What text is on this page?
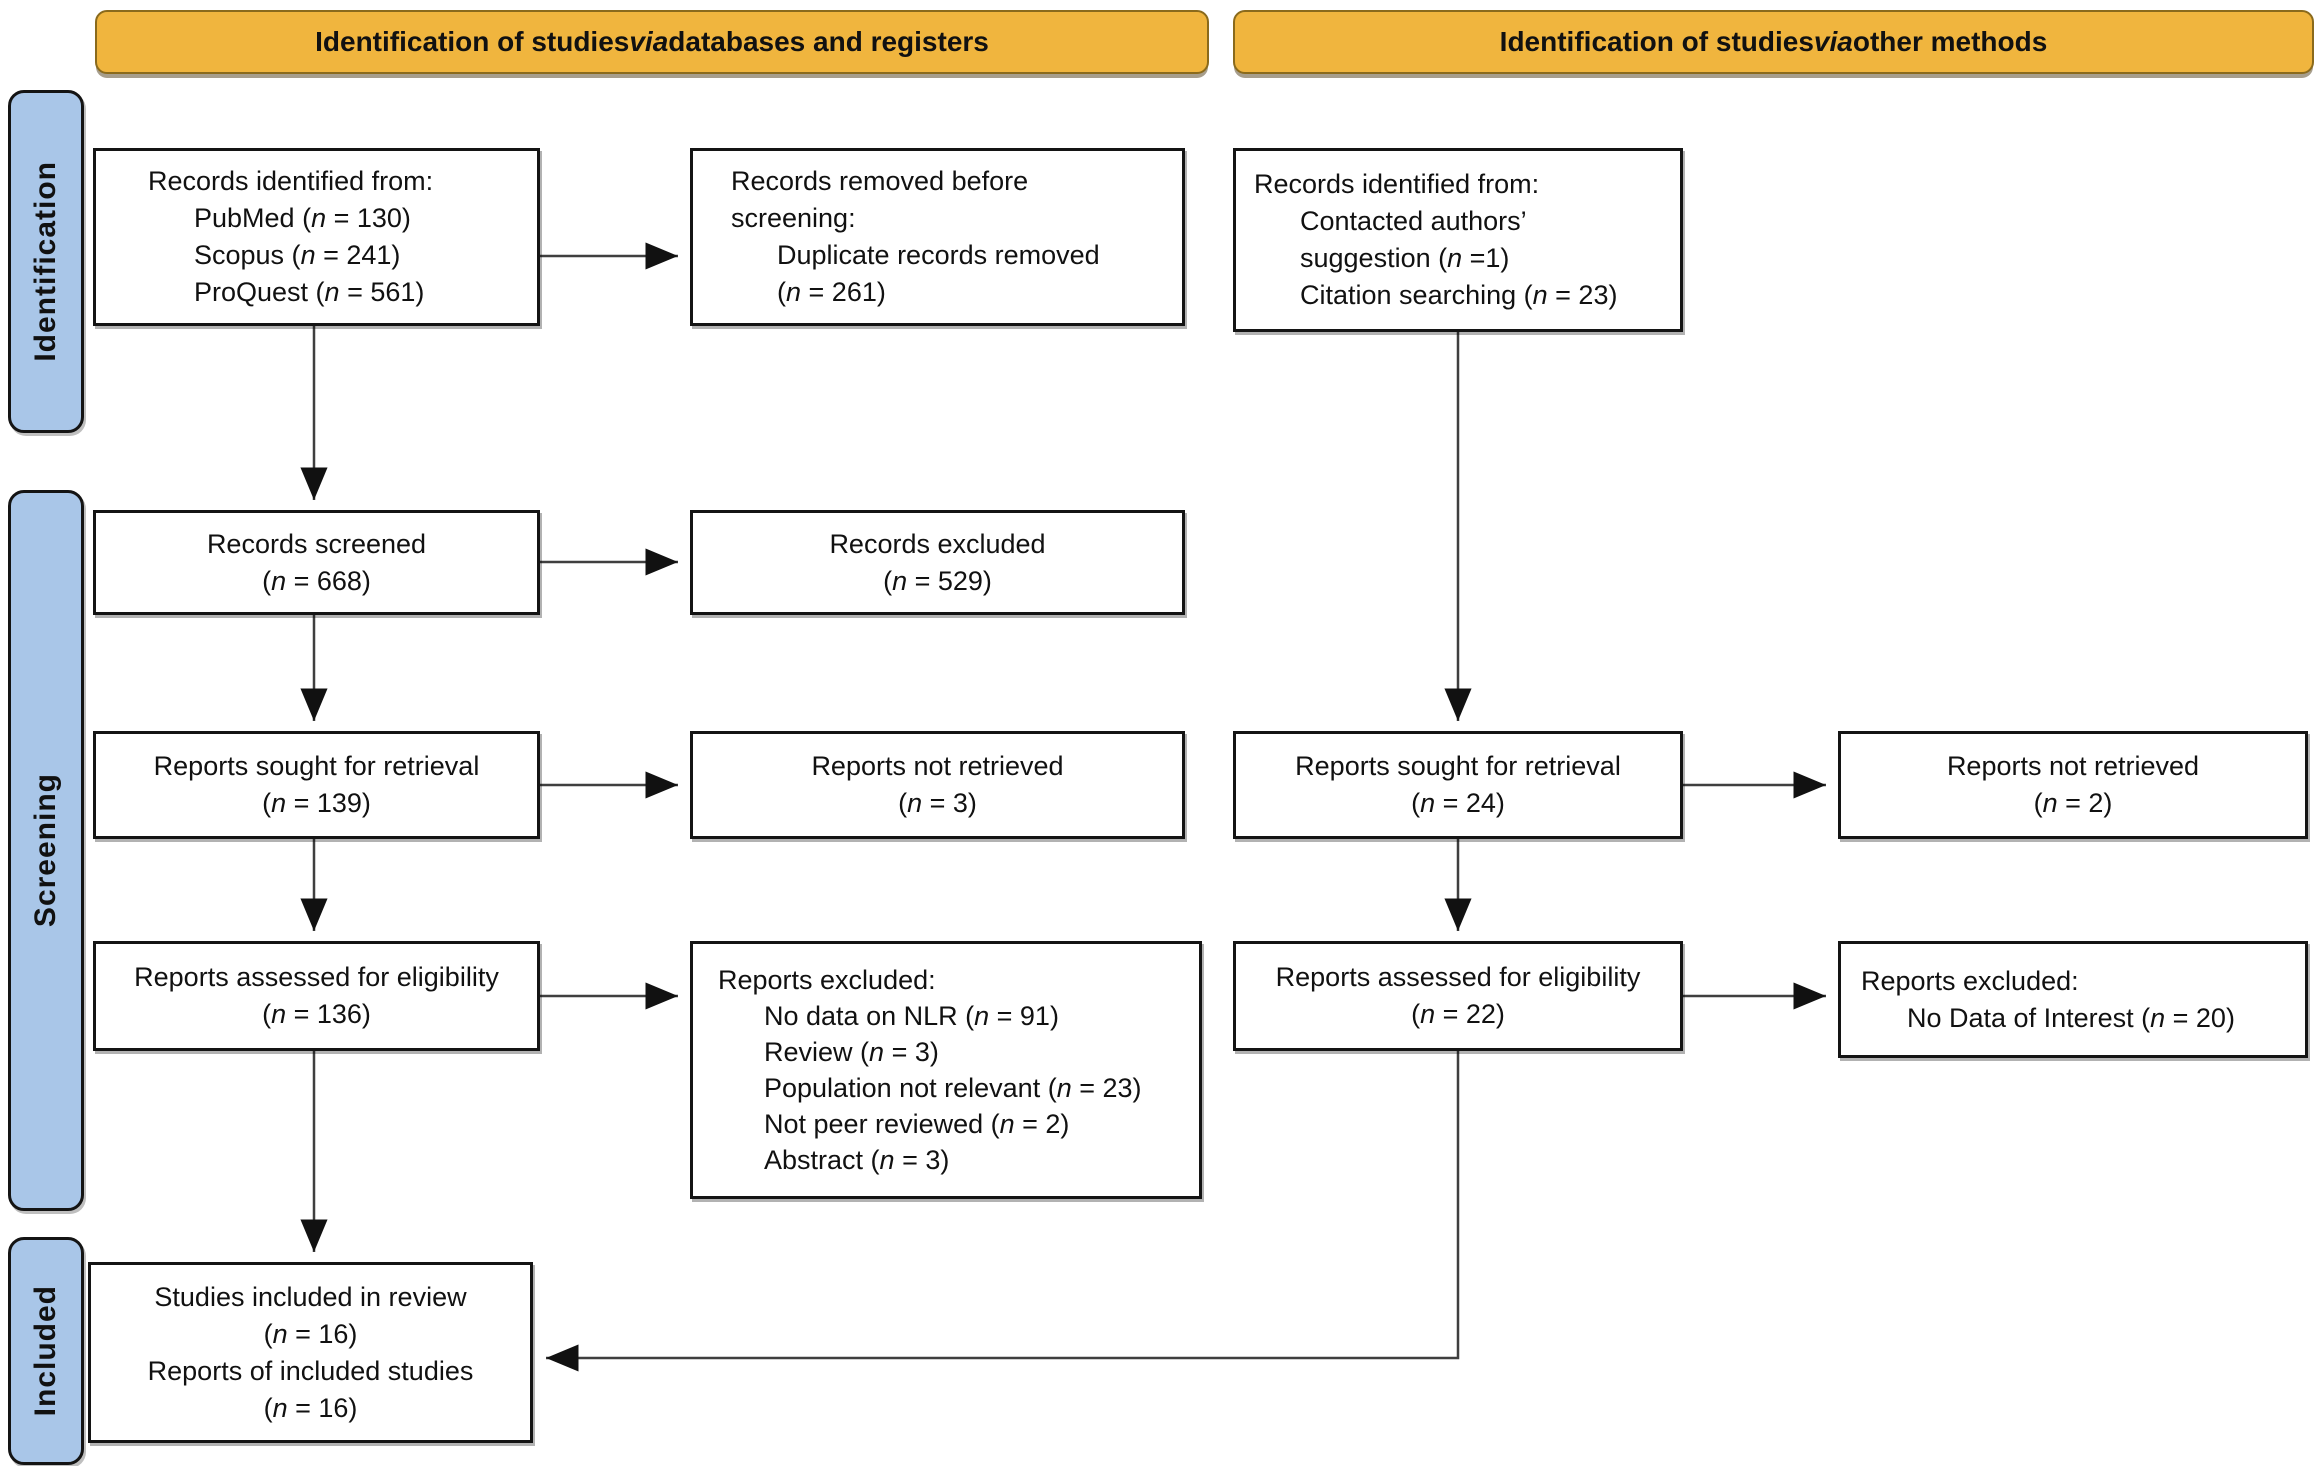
Identification of studies via databases and registers	Identification of studies via other methods
Identification
Screening
Included
Records identified from:
PubMed (n = 130)
Scopus (n = 241)
ProQuest (n = 561)
Records removed before
screening:
Duplicate records removed
(n = 261)
Records identified from:
Contacted authors’
suggestion (n =1)
Citation searching (n = 23)
Records screened
(n = 668)
Records excluded
(n = 529)
Reports sought for retrieval
(n = 139)
Reports not retrieved
(n = 3)
Reports sought for retrieval
(n = 24)
Reports not retrieved
(n = 2)
Reports assessed for eligibility
(n = 136)
Reports excluded:
No data on NLR (n = 91)
Review (n = 3)
Population not relevant (n = 23)
Not peer reviewed (n = 2)
Abstract (n = 3)
Reports assessed for eligibility
(n = 22)
Reports excluded:
No Data of Interest (n = 20)
Studies included in review
(n = 16)
Reports of included studies
(n = 16)
